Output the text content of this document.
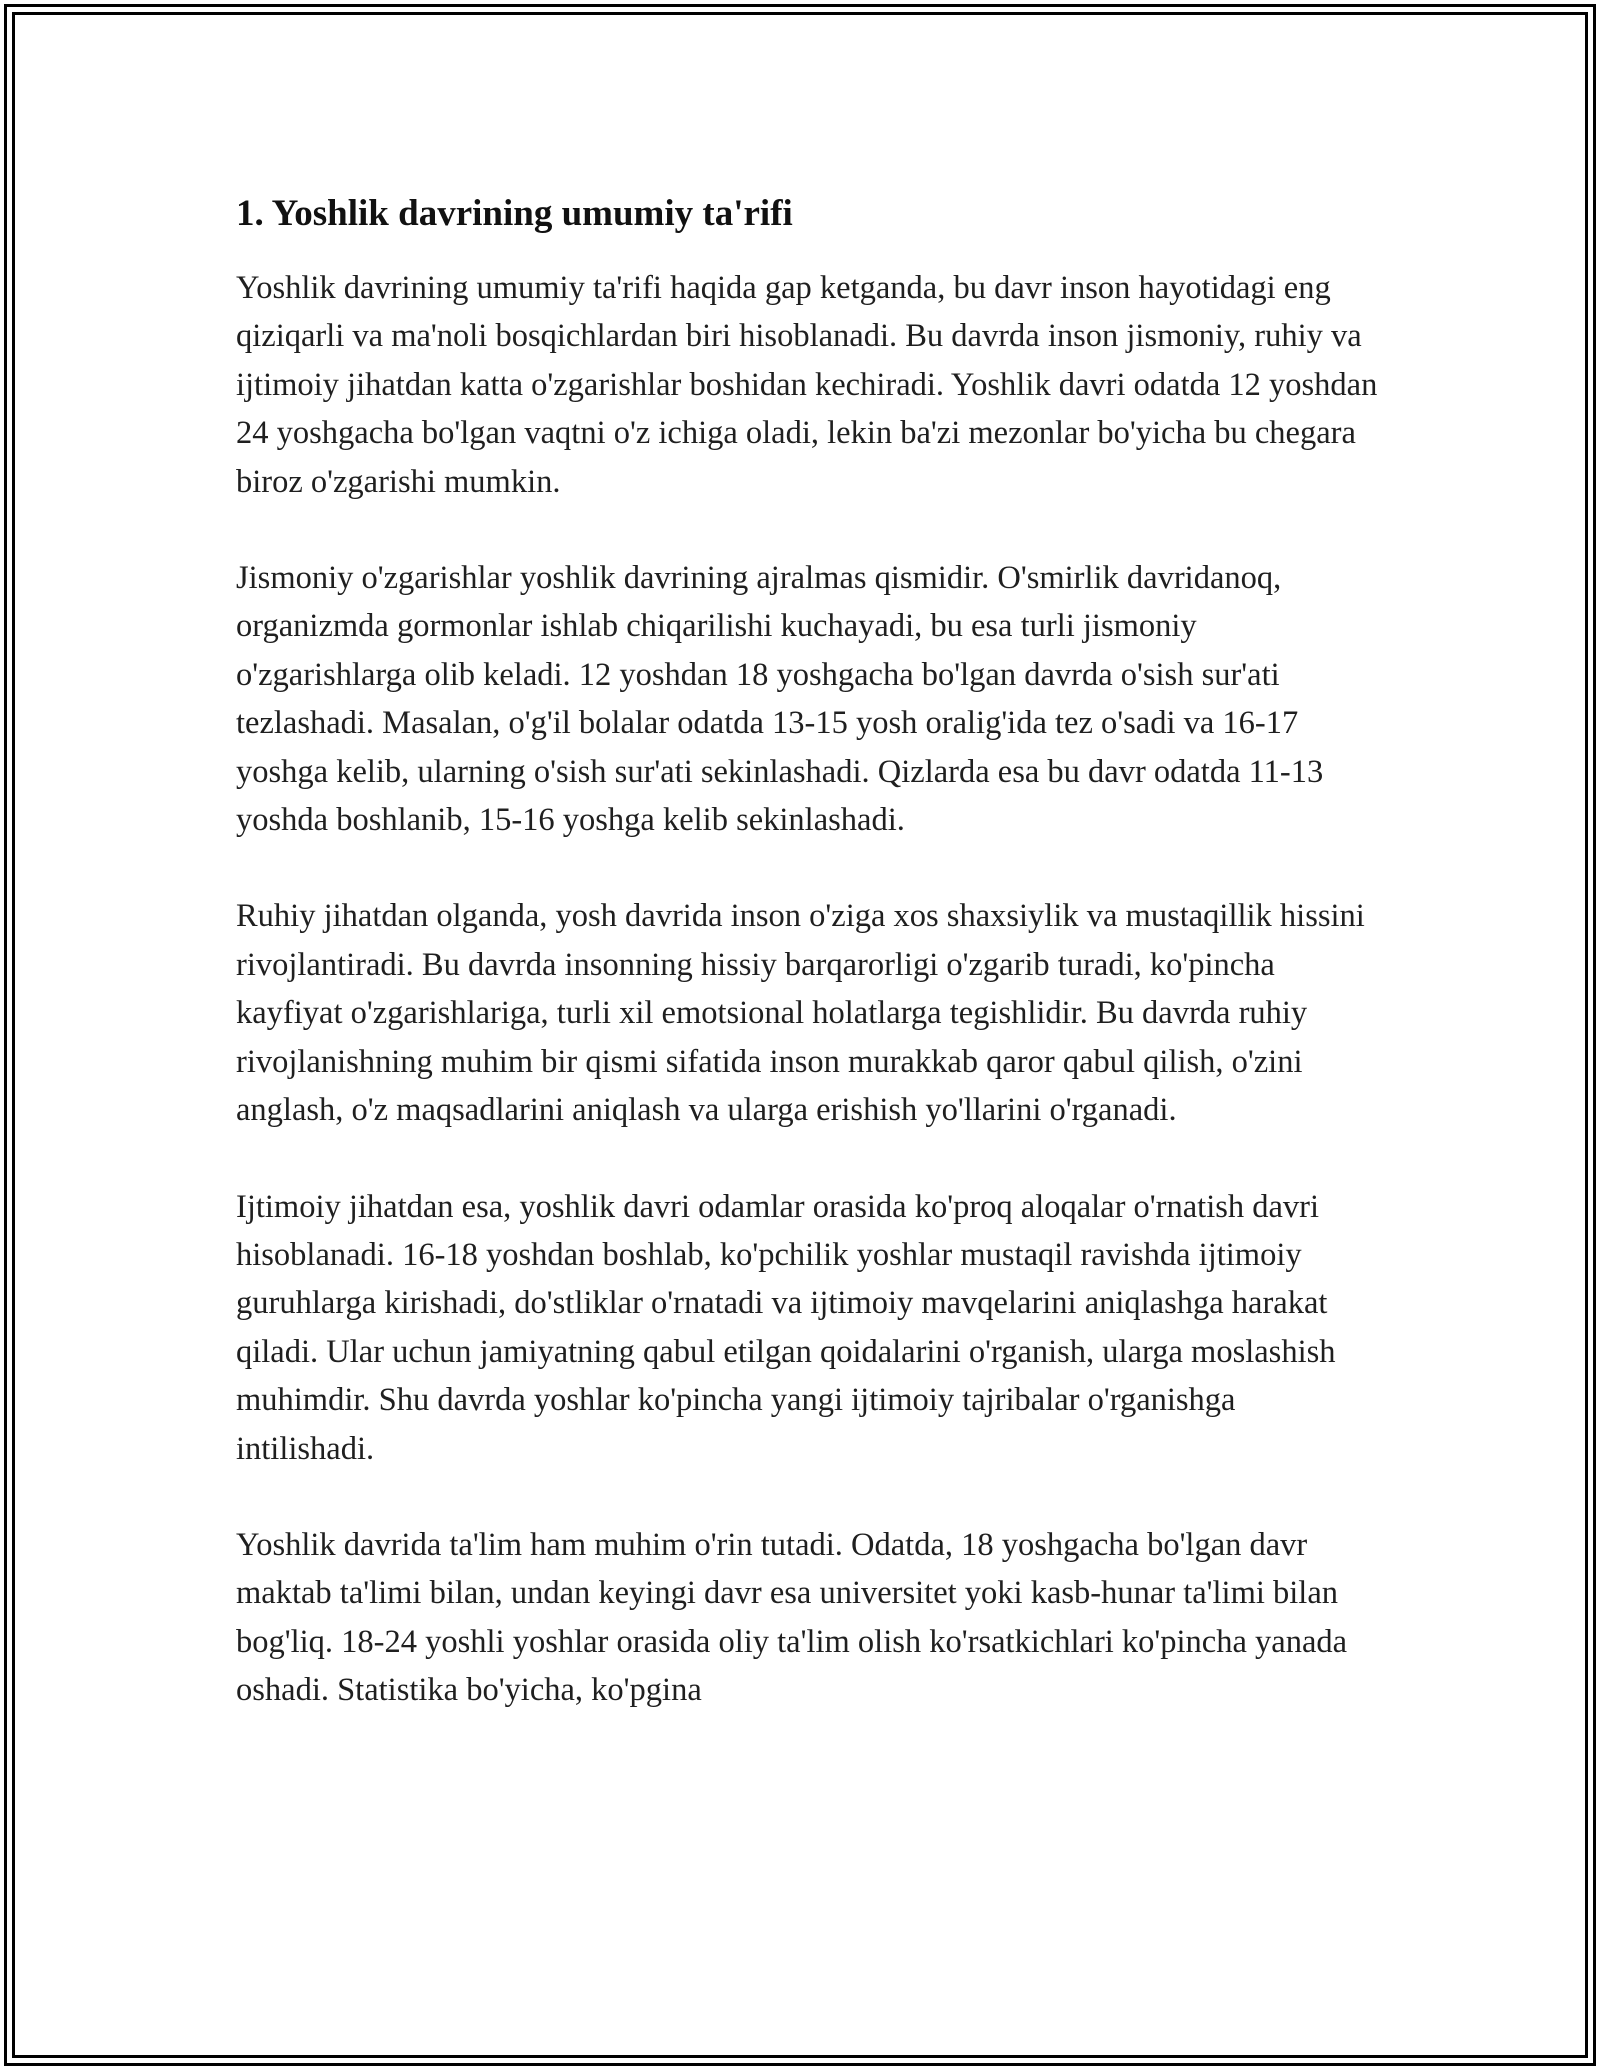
1. Yoshlik davrining umumiy ta'rifi

Yoshlik davrining umumiy ta'rifi haqida gap ketganda, bu davr inson hayotidagi eng qiziqarli va ma'noli bosqichlardan biri hisoblanadi. Bu davrda inson jismoniy, ruhiy va ijtimoiy jihatdan katta o'zgarishlar boshidan kechiradi. Yoshlik davri odatda 12 yoshdan 24 yoshgacha bo'lgan vaqtni o'z ichiga oladi, lekin ba'zi mezonlar bo'yicha bu chegara biroz o'zgarishi mumkin.

Jismoniy o'zgarishlar yoshlik davrining ajralmas qismidir. O'smirlik davridanoq, organizmda gormonlar ishlab chiqarilishi kuchayadi, bu esa turli jismoniy o'zgarishlarga olib keladi. 12 yoshdan 18 yoshgacha bo'lgan davrda o'sish sur'ati tezlashadi. Masalan, o'g'il bolalar odatda 13-15 yosh oralig'ida tez o'sadi va 16-17 yoshga kelib, ularning o'sish sur'ati sekinlashadi. Qizlarda esa bu davr odatda 11-13 yoshda boshlanib, 15-16 yoshga kelib sekinlashadi.

Ruhiy jihatdan olganda, yosh davrida inson o'ziga xos shaxsiylik va mustaqillik hissini rivojlantiradi. Bu davrda insonning hissiy barqarorligi o'zgarib turadi, ko'pincha kayfiyat o'zgarishlariga, turli xil emotsional holatlarga tegishlidir. Bu davrda ruhiy rivojlanishning muhim bir qismi sifatida inson murakkab qaror qabul qilish, o'zini anglash, o'z maqsadlarini aniqlash va ularga erishish yo'llarini o'rganadi.

Ijtimoiy jihatdan esa, yoshlik davri odamlar orasida ko'proq aloqalar o'rnatish davri hisoblanadi. 16-18 yoshdan boshlab, ko'pchilik yoshlar mustaqil ravishda ijtimoiy guruhlarga kirishadi, do'stliklar o'rnatadi va ijtimoiy mavqelarini aniqlashga harakat qiladi. Ular uchun jamiyatning qabul etilgan qoidalarini o'rganish, ularga moslashish muhimdir. Shu davrda yoshlar ko'pincha yangi ijtimoiy tajribalar o'rganishga intilishadi.

Yoshlik davrida ta'lim ham muhim o'rin tutadi. Odatda, 18 yoshgacha bo'lgan davr maktab ta'limi bilan, undan keyingi davr esa universitet yoki kasb-hunar ta'limi bilan bog'liq. 18-24 yoshli yoshlar orasida oliy ta'lim olish ko'rsatkichlari ko'pincha yanada oshadi. Statistika bo'yicha, ko'pgina
